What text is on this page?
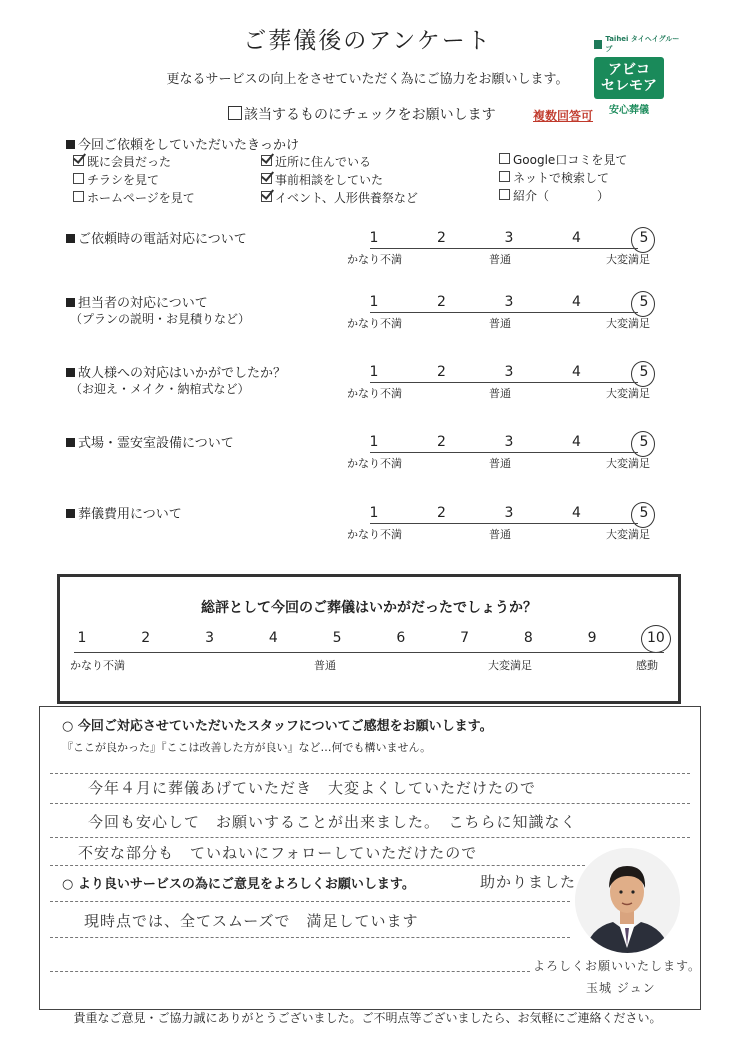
ご葬儀後のアンケート
更なるサービスの向上をさせていただく為にご協力をお願いします。
該当するものにチェックをお願いします	複数回答可
Taihei タイヘイグループ
アビコ
セレモア
安心葬儀
今回ご依頼をしていただいたきっかけ
既に会員だった
チラシを見て
ホームページを見て
近所に住んでいる
事前相談をしていた
イベント、人形供養祭など
Google口コミを見て
ネットで検索して
紹介（　　　　）
ご依頼時の電話対応について	1	2	3	4	5
かなり不満	普通	大変満足
担当者の対応について
（プランの説明・お見積りなど）
1	2	3	4	5
かなり不満	普通	大変満足
故人様への対応はいかがでしたか？
（お迎え・メイク・納棺式など）
1	2	3	4	5
かなり不満	普通	大変満足
式場・霊安室設備について	1	2	3	4	5
かなり不満	普通	大変満足
葬儀費用について	1	2	3	4	5
かなり不満	普通	大変満足
総評として今回のご葬儀はいかがだったでしょうか？
1	2	3	4	5	6	7	8	9	10
かなり不満	普通	大変満足	感動
○ 今回ご対応させていただいたスタッフについてご感想をお願いします。
『ここが良かった』『ここは改善した方が良い』など…何でも構いません。
今年４月に葬儀あげていただき　大変よくしていただけたので
今回も安心して　お願いすることが出来ました。　こちらに知識なく
不安な部分も　ていねいにフォローしていただけたので
○ より良いサービスの為にご意見をよろしくお願いします。	助かりました
現時点では、全てスムーズで　満足しています
よろしくお願いいたします。
玉城 ジュン
貴重なご意見・ご協力誠にありがとうございました。ご不明点等ございましたら、お気軽にご連絡ください。
